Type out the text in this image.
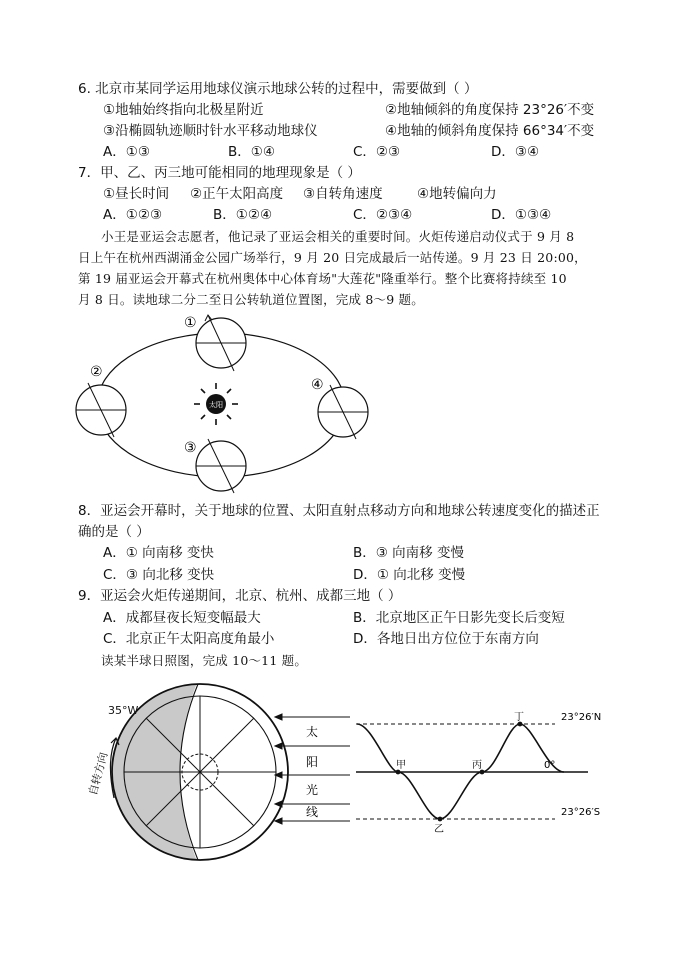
6. 北京市某同学运用地球仪演示地球公转的过程中，需要做到（ ）
①地轴始终指向北极星附近	②地轴倾斜的角度保持 23°26′不变
③沿椭圆轨迹顺时针水平移动地球仪	④地轴的倾斜角度保持 66°34′不变
A．①③	B．①④	C．②③	D．③④
7．甲、乙、丙三地可能相同的地理现象是（ ）
①昼长时间 ②正午太阳高度 ③自转角速度	④地转偏向力
A．①②③	B．①②④	C．②③④	D．①③④
小王是亚运会志愿者，他记录了亚运会相关的重要时间。火炬传递启动仪式于 9 月 8
日上午在杭州西湖涌金公园广场举行，9 月 20 日完成最后一站传递。9 月 23 日 20:00，
第 19 届亚运会开幕式在杭州奥体中心体育场"大莲花"隆重举行。整个比赛将持续至 10
月 8 日。读地球二分二至日公转轨道位置图，完成 8～9 题。
太阳
①
②
③
④
8．亚运会开幕时，关于地球的位置、太阳直射点移动方向和地球公转速度变化的描述正
确的是（ ）
A．① 向南移 变快	B．③ 向南移 变慢
C．③ 向北移 变快	D．① 向北移 变慢
9．亚运会火炬传递期间，北京、杭州、成都三地（ ）
A．成都昼夜长短变幅最大	B．北京地区正午日影先变长后变短
C．北京正午太阳高度角最小	D．各地日出方位位于东南方向
读某半球日照图，完成 10～11 题。
35°W
自转方向
太
阳
光
线
23°26′N
23°26′S
甲	丙
丁
乙
0°
